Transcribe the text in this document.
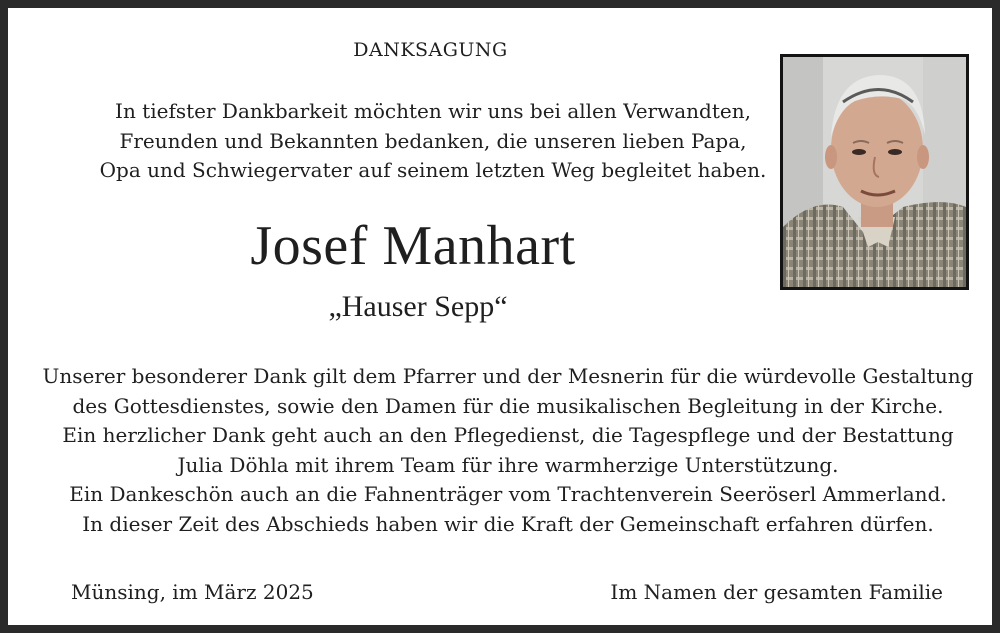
DANKSAGUNG
In tiefster Dankbarkeit möchten wir uns bei allen Verwandten,
Freunden und Bekannten bedanken, die unseren lieben Papa,
Opa und Schwiegervater auf seinem letzten Weg begleitet haben.
Josef Manhart
„Hauser Sepp“
Unserer besonderer Dank gilt dem Pfarrer und der Mesnerin für die würdevolle Gestaltung
des Gottesdienstes, sowie den Damen für die musikalischen Begleitung in der Kirche.
Ein herzlicher Dank geht auch an den Pflegedienst, die Tagespflege und der Bestattung
Julia Döhla mit ihrem Team für ihre warmherzige Unterstützung.
Ein Dankeschön auch an die Fahnenträger vom Trachtenverein Seeröserl Ammerland.
In dieser Zeit des Abschieds haben wir die Kraft der Gemeinschaft erfahren dürfen.
Münsing, im März 2025	Im Namen der gesamten Familie
